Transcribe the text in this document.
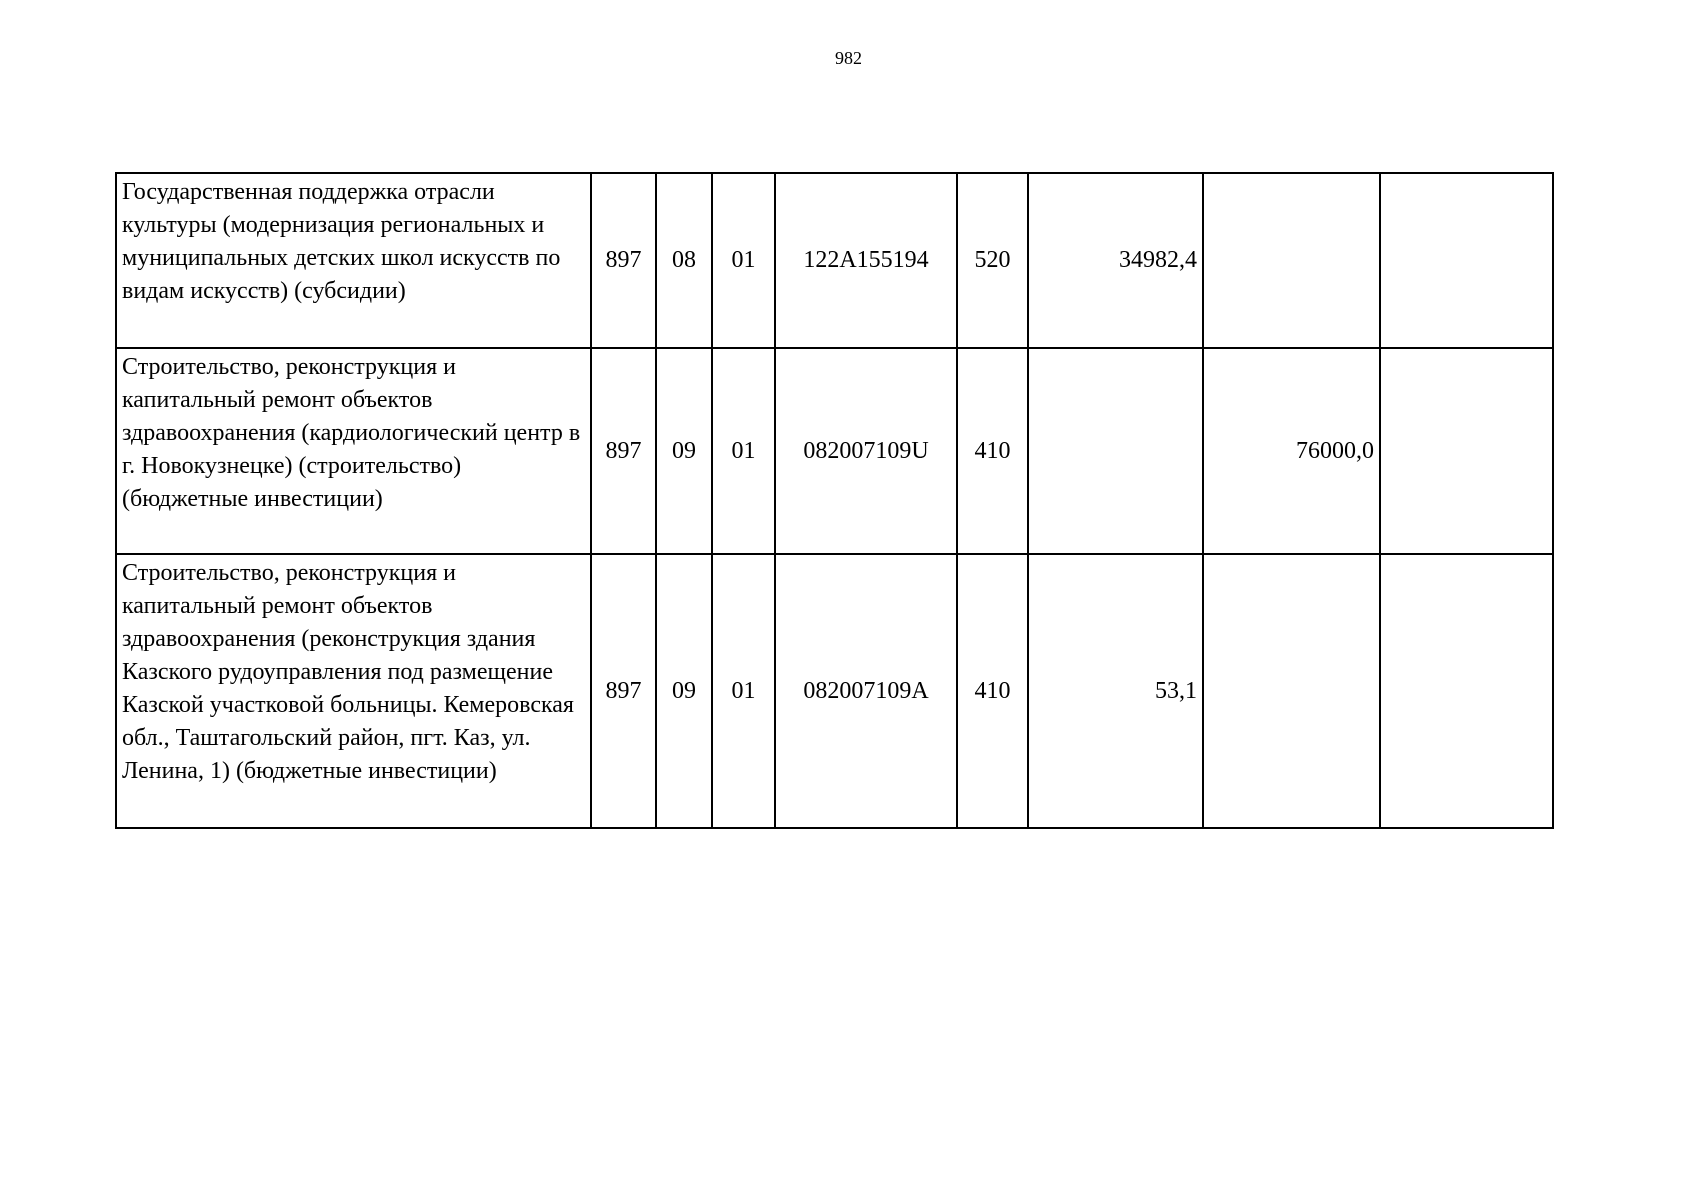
982
Государственная поддержка отрасли культуры (модернизация региональных и муниципальных детских школ искусств по видам искусств) (субсидии)	897	08	01	122А155194	520	34982,4		
Строительство, реконструкция и капитальный ремонт объектов здравоохранения (кардиологический центр в г. Новокузнецке) (строительство) (бюджетные инвестиции)	897	09	01	082007109U	410		76000,0	
Строительство, реконструкция и капитальный ремонт объектов здравоохранения (реконструкция здания Казского рудоуправления под размещение Казской участковой больницы. Кемеровская обл., Таштагольский район, пгт. Каз, ул. Ленина, 1) (бюджетные инвестиции)	897	09	01	082007109А	410	53,1		
